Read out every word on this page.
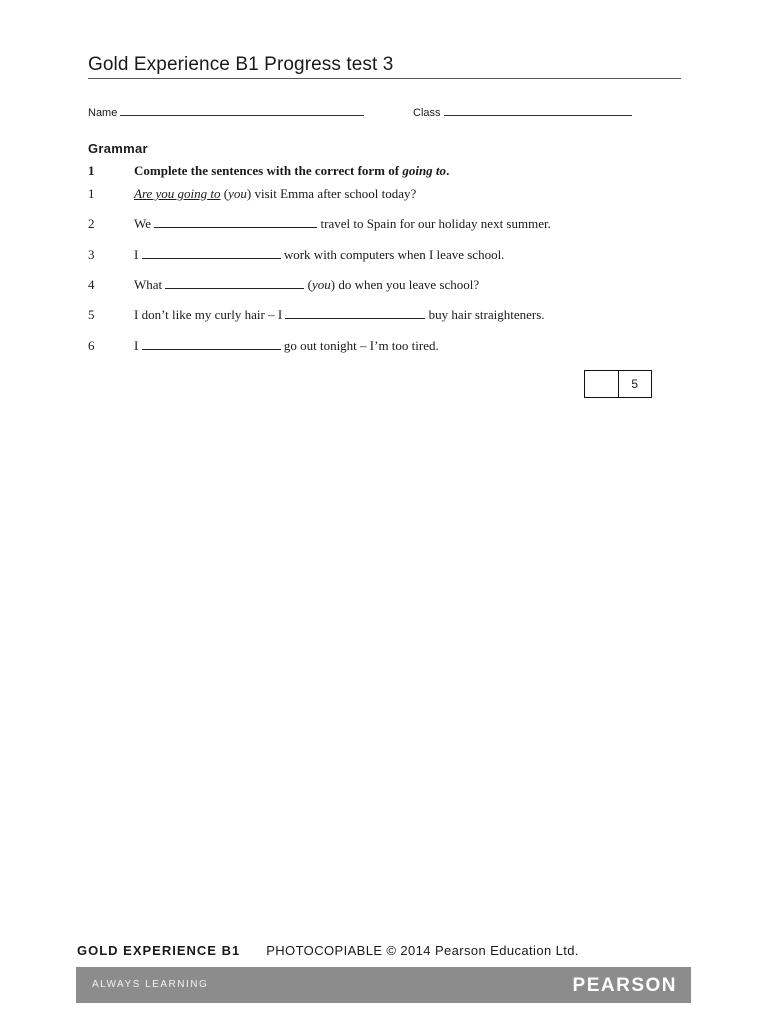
Gold Experience B1 Progress test 3
Name	Class
Grammar
1	Complete the sentences with the correct form of going to.
1	Are you going to (you) visit Emma after school today?
2	We	travel to Spain for our holiday next summer.
3	I	work with computers when I leave school.
4	What	(you) do when you leave school?
5	I don’t like my curly hair – I	buy hair straighteners.
6	I	go out tonight – I’m too tired.
5
GOLD EXPERIENCE B1 PHOTOCOPIABLE © 2014 Pearson Education Ltd.
ALWAYS LEARNING	PEARSON
